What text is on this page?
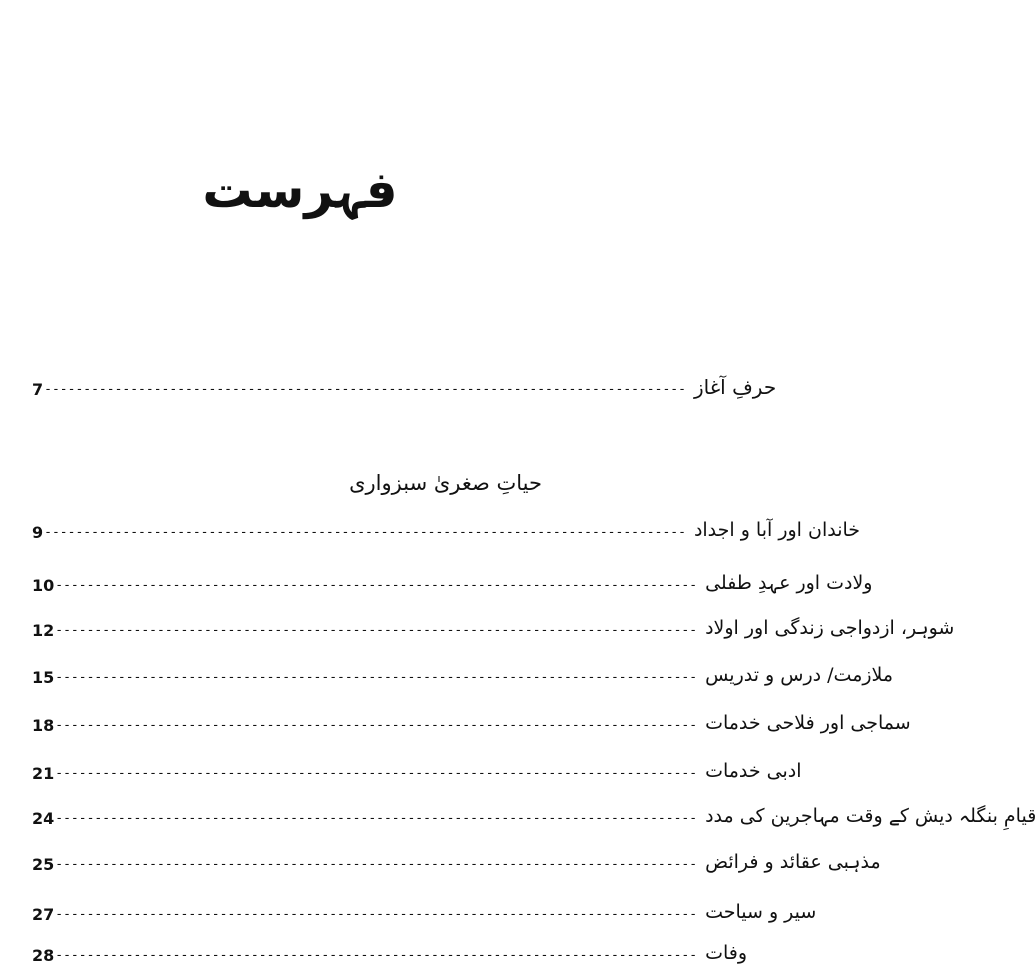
فہرست
7 ---------------------------------------------------------------------------------- حرفِ آغاز
حیاتِ صغریٰ سبزواری
9 ---------------------------------------------------------------------------------- خاندان اور آبا و اجداد
10 ---------------------------------------------------------------------------------- ولادت اور عہدِ طفلی
12 ---------------------------------------------------------------------------------- شوہر، ازدواجی زندگی اور اولاد
15 ---------------------------------------------------------------------------------- ملازمت/ درس و تدریس
18 ---------------------------------------------------------------------------------- سماجی اور فلاحی خدمات
21 ---------------------------------------------------------------------------------- ادبی خدمات
24 ---------------------------------------------------------------------------------- قیامِ بنگلہ دیش کے وقت مہاجرین کی مدد
25 ---------------------------------------------------------------------------------- مذہبی عقائد و فرائض
27 ---------------------------------------------------------------------------------- سیر و سیاحت
28 ---------------------------------------------------------------------------------- وفات
